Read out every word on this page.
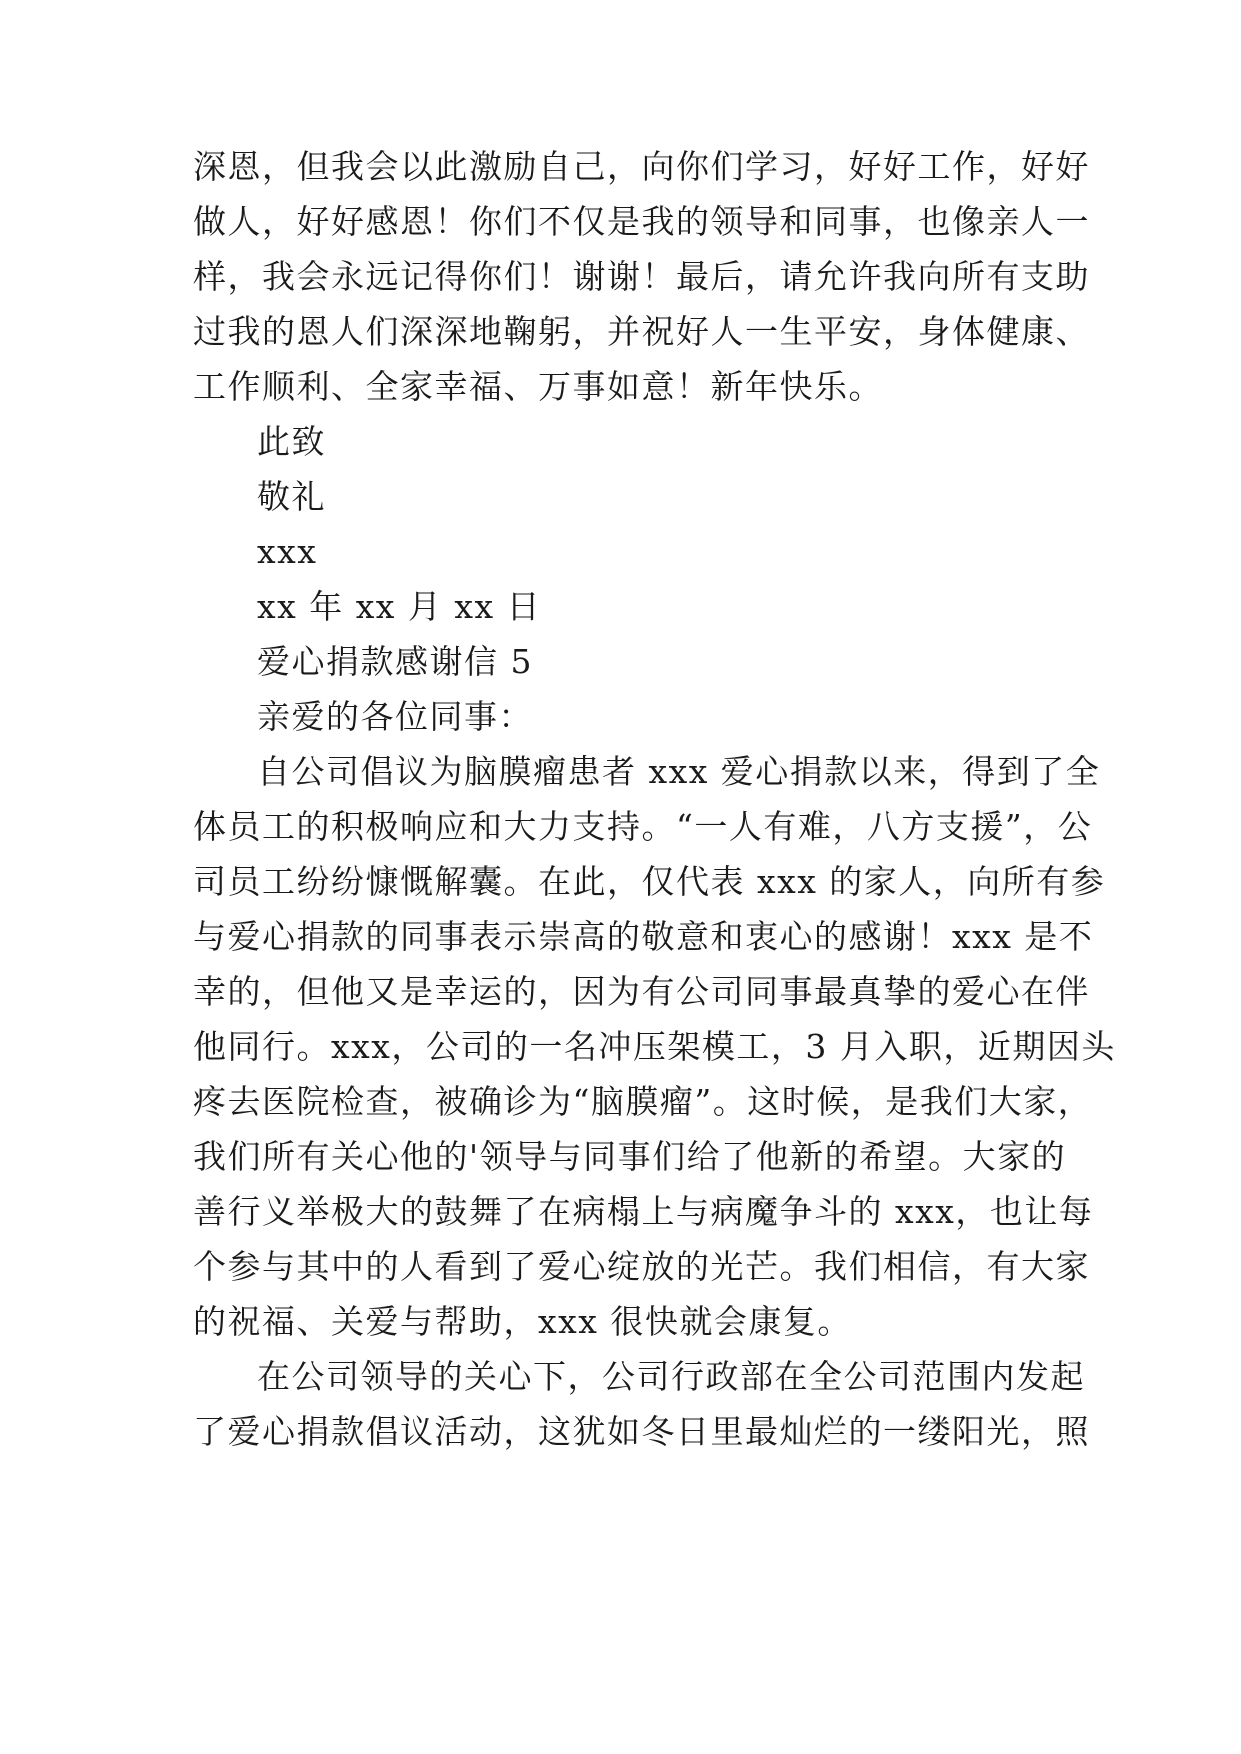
深恩，但我会以此激励自己，向你们学习，好好工作，好好
做人，好好感恩！你们不仅是我的领导和同事，也像亲人一
样，我会永远记得你们！谢谢！最后，请允许我向所有支助
过我的恩人们深深地鞠躬，并祝好人一生平安，身体健康、
工作顺利、全家幸福、万事如意！新年快乐。
此致
敬礼
xxx
xx 年 xx 月 xx 日
爱心捐款感谢信 5
亲爱的各位同事：
自公司倡议为脑膜瘤患者 xxx 爱心捐款以来，得到了全
体员工的积极响应和大力支持。“一人有难，八方支援”，公
司员工纷纷慷慨解囊。在此，仅代表 xxx 的家人，向所有参
与爱心捐款的同事表示崇高的敬意和衷心的感谢！xxx 是不
幸的，但他又是幸运的，因为有公司同事最真挚的爱心在伴
他同行。xxx，公司的一名冲压架模工，3 月入职，近期因头
疼去医院检查，被确诊为“脑膜瘤”。这时候，是我们大家，
我们所有关心他的'领导与同事们给了他新的希望。大家的
善行义举极大的鼓舞了在病榻上与病魔争斗的 xxx，也让每
个参与其中的人看到了爱心绽放的光芒。我们相信，有大家
的祝福、关爱与帮助，xxx 很快就会康复。
在公司领导的关心下，公司行政部在全公司范围内发起
了爱心捐款倡议活动，这犹如冬日里最灿烂的一缕阳光，照
